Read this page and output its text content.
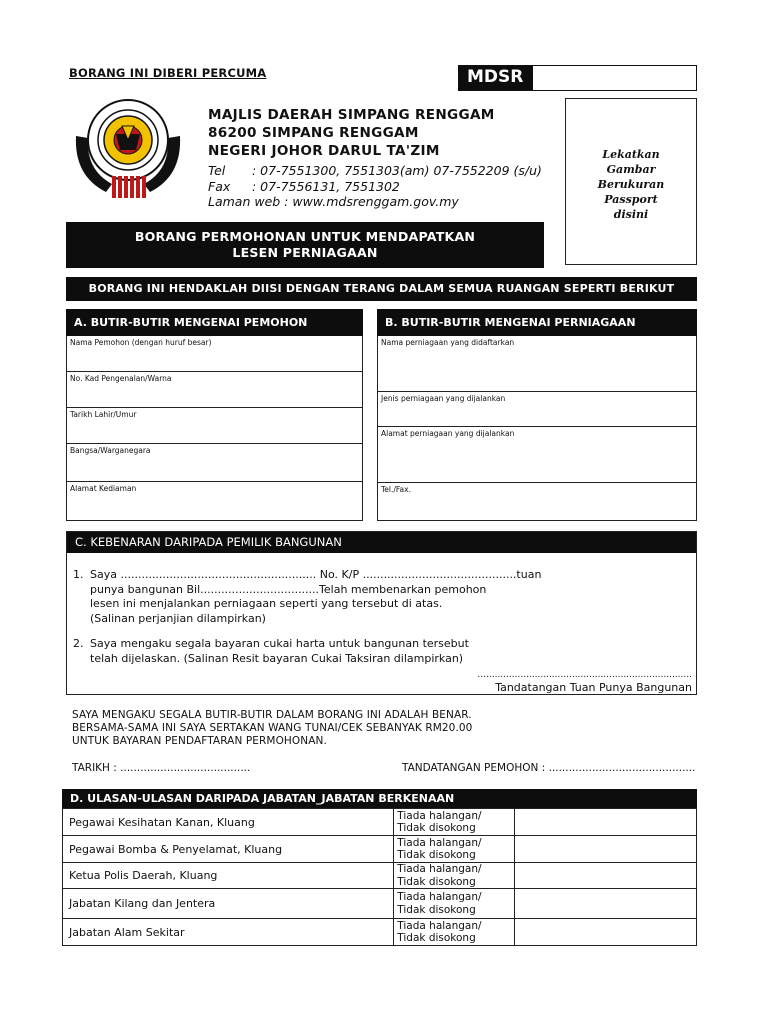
BORANG INI DIBERI PERCUMA	MDSR
MAJLIS DAERAH SIMPANG RENGGAM
86200 SIMPANG RENGGAM
NEGERI JOHOR DARUL TA'ZIM
Tel	: 07-7551300, 7551303(am) 07-7552209 (s/u)
Fax	: 07-7556131, 7551302
Laman web : www.mdsrenggam.gov.my
Lekatkan
Gambar
Berukuran
Passport
disini
BORANG PERMOHONAN UNTUK MENDAPATKAN
LESEN PERNIAGAAN
BORANG INI HENDAKLAH DIISI DENGAN TERANG DALAM SEMUA RUANGAN SEPERTI BERIKUT
A. BUTIR-BUTIR MENGENAI PEMOHON
Nama Pemohon (dengan huruf besar)
No. Kad Pengenalan/Warna
Tarikh Lahir/Umur
Bangsa/Warganegara
Alamat Kediaman
B. BUTIR-BUTIR MENGENAI PERNIAGAAN
Nama perniagaan yang didaftarkan
Jenis perniagaan yang dijalankan
Alamat perniagaan yang dijalankan
Tel./Fax.
C. KEBENARAN DARIPADA PEMILIK BANGUNAN
1. Saya ........................................................ No. K/P ............................................tuan
punya bangunan Bil..................................Telah membenarkan pemohon
lesen ini menjalankan perniagaan seperti yang tersebut di atas.
(Salinan perjanjian dilampirkan)
2. Saya mengaku segala bayaran cukai harta untuk bangunan tersebut
telah dijelaskan. (Salinan Resit bayaran Cukai Taksiran dilampirkan)
...........................................................................
Tandatangan Tuan Punya Bangunan
SAYA MENGAKU SEGALA BUTIR-BUTIR DALAM BORANG INI ADALAH BENAR.
BERSAMA-SAMA INI SAYA SERTAKAN WANG TUNAI/CEK SEBANYAK RM20.00
UNTUK BAYARAN PENDAFTARAN PERMOHONAN.
TARIKH : .......................................	TANDATANGAN PEMOHON : ............................................
D. ULASAN-ULASAN DARIPADA JABATAN_JABATAN BERKENAAN
Pegawai Kesihatan Kanan, Kluang	Tiada halangan/
Tidak disokong	

Pegawai Bomba & Penyelamat, Kluang	Tiada halangan/
Tidak disokong	

Ketua Polis Daerah, Kluang	Tiada halangan/
Tidak disokong	

Jabatan Kilang dan Jentera	Tiada halangan/
Tidak disokong	

Jabatan Alam Sekitar	Tiada halangan/
Tidak disokong	
